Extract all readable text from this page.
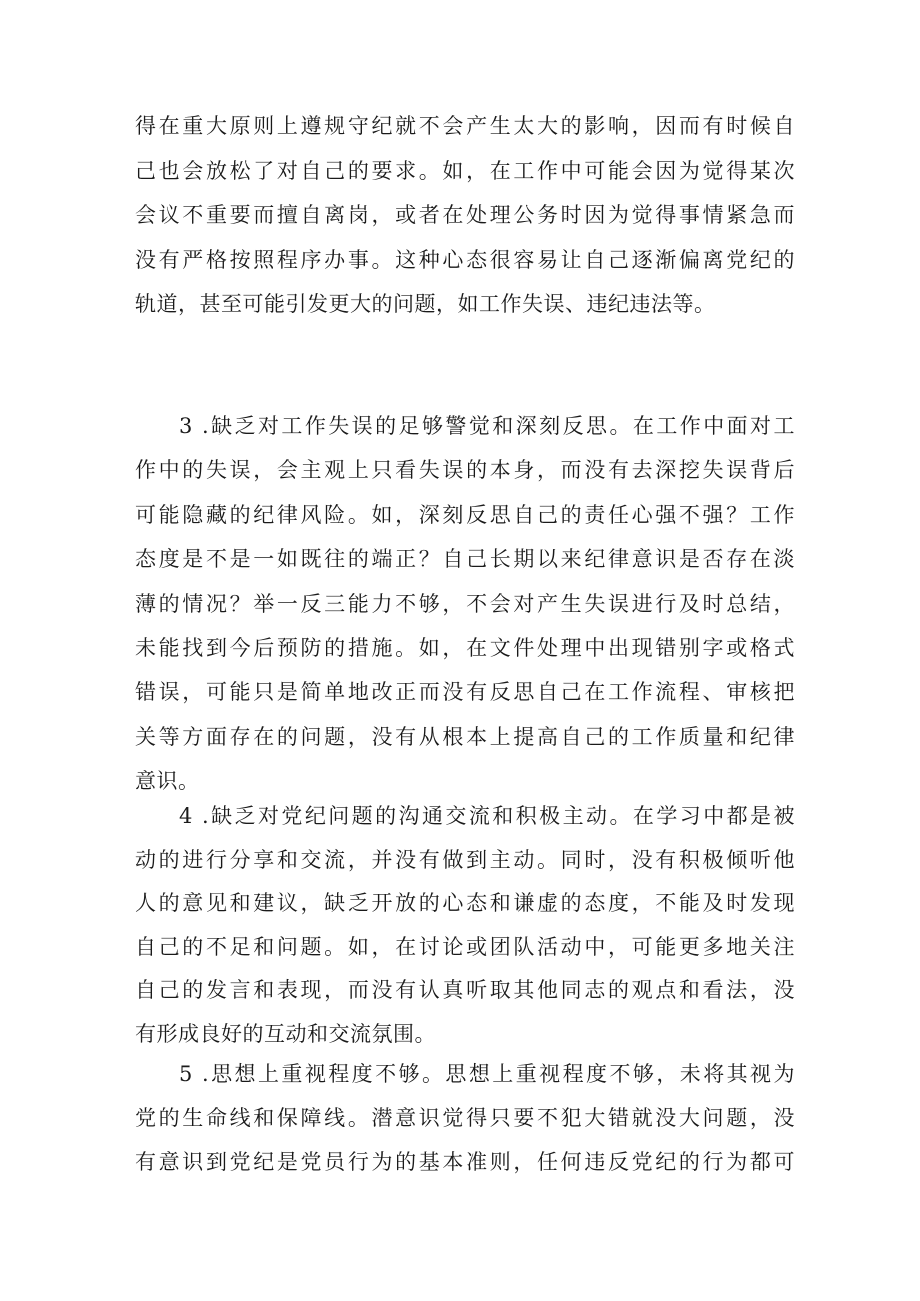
得在重大原则上遵规守纪就不会产生太大的影响，因而有时候自
己也会放松了对自己的要求。如，在工作中可能会因为觉得某次
会议不重要而擅自离岗，或者在处理公务时因为觉得事情紧急而
没有严格按照程序办事。这种心态很容易让自己逐渐偏离党纪的
轨道，甚至可能引发更大的问题，如工作失误、违纪违法等。
3 .缺乏对工作失误的足够警觉和深刻反思。在工作中面对工
作中的失误，会主观上只看失误的本身，而没有去深挖失误背后
可能隐藏的纪律风险。如，深刻反思自己的责任心强不强？工作
态度是不是一如既往的端正？自己长期以来纪律意识是否存在淡
薄的情况？举一反三能力不够，不会对产生失误进行及时总结，
未能找到今后预防的措施。如，在文件处理中出现错别字或格式
错误，可能只是简单地改正而没有反思自己在工作流程、审核把
关等方面存在的问题，没有从根本上提高自己的工作质量和纪律
意识。
4 .缺乏对党纪问题的沟通交流和积极主动。在学习中都是被
动的进行分享和交流，并没有做到主动。同时，没有积极倾听他
人的意见和建议，缺乏开放的心态和谦虚的态度，不能及时发现
自己的不足和问题。如，在讨论或团队活动中，可能更多地关注
自己的发言和表现，而没有认真听取其他同志的观点和看法，没
有形成良好的互动和交流氛围。
5 .思想上重视程度不够。思想上重视程度不够，未将其视为
党的生命线和保障线。潜意识觉得只要不犯大错就没大问题，没
有意识到党纪是党员行为的基本准则，任何违反党纪的行为都可
